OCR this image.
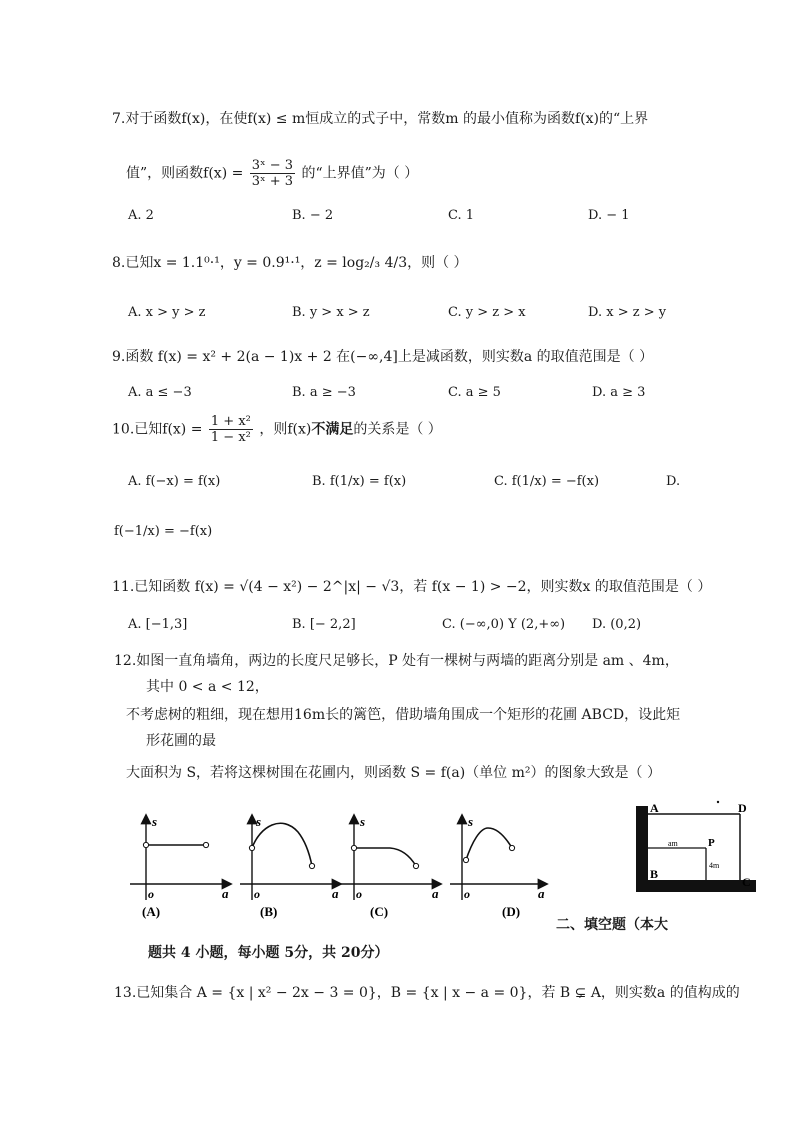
7.对于函数f(x)，在使f(x) ≤ m恒成立的式子中，常数m 的最小值称为函数f(x)的“上界
值”，则函数$f(x) = \frac{\text{3ˣ − 3}}{\text{3ˣ + 3}}$ 的“上界值”为（ ）
A. 2	B. − 2	C. 1	D. − 1
8.已知x = 1.1⁰·¹，y = 0.9¹·¹，z = log₂/₃ 4/3，则（ ）
A. x > y > z	B. y > x > z	C. y > z > x	D. x > z > y
9.函数 f(x) = x² + 2(a − 1)x + 2 在(−∞,4]上是减函数，则实数a 的取值范围是（ ）
A. a ≤ −3	B. a ≥ −3	C. a ≥ 5	D. a ≥ 3
10.已知$f(x) = \frac{\text{1 + x²}}{\text{1 − x²}}$ ，则f(x)不满足的关系是（ ）
A. f(−x) = f(x)	B. f(1/x) = f(x)	C. f(1/x) = −f(x)	D.
f(−1/x) = −f(x)
11.已知函数 f(x) = √(4 − x²) − 2^|x| − √3，若 f(x − 1) > −2，则实数x 的取值范围是（ ）
A. [−1,3]	B. [− 2,2]	C. (−∞,0) Y (2,+∞) D. (0,2)
12.如图一直角墙角，两边的长度尺足够长，P 处有一棵树与两墙的距离分别是 am 、4m，
其中 0 < a < 12，
不考虑树的粗细，现在想用16m长的篱笆，借助墙角围成一个矩形的花圃 ABCD，设此矩
形花圃的最
大面积为 S，若将这棵树围在花圃内，则函数 S = f(a)（单位 m²）的图象大致是（ ）
s
a
o
(A)
s
a
o
(B)
s
a
o
(C)
s
a
o
(D)
A	D
B
C
P
am
4m
二、填空题（本大
题共 4 小题，每小题 5分，共 20分）
13.已知集合 A = {x | x² − 2x − 3 = 0}，B = {x | x − a = 0}，若 B ⊊ A，则实数a 的值构成的
